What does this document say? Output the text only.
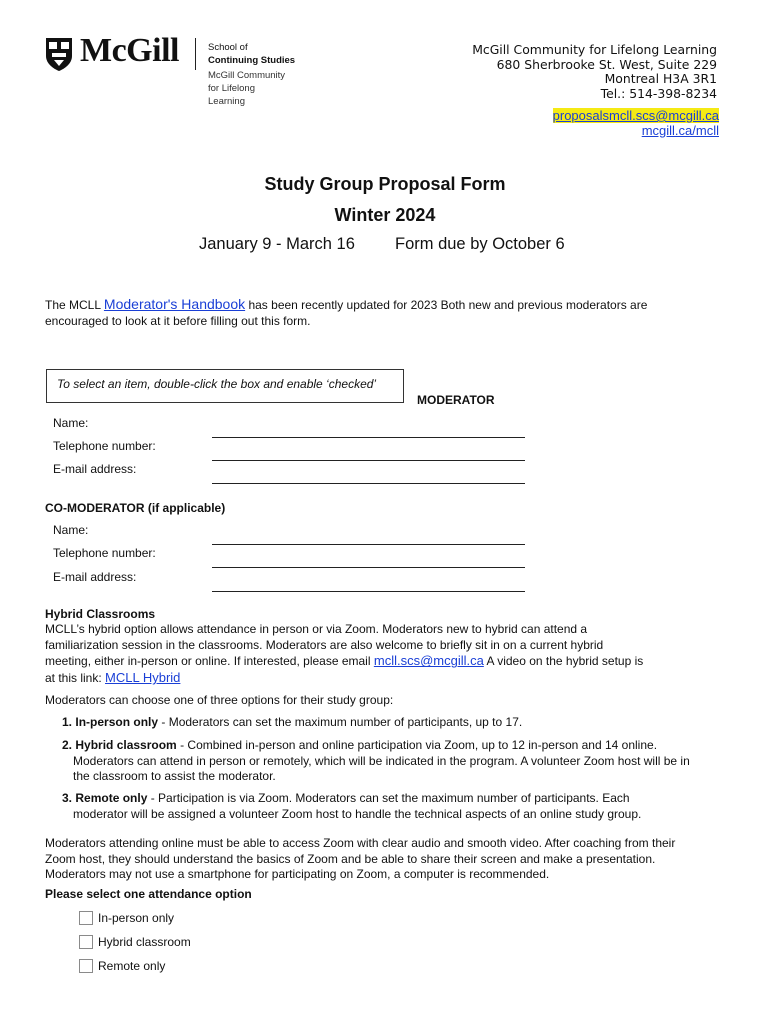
McGill	School of
Continuing Studies
McGill Community
for Lifelong
Learning
McGill Community for Lifelong Learning
680 Sherbrooke St. West, Suite 229
Montreal H3A 3R1
Tel.: 514-398-8234
proposalsmcll.scs@mcgill.ca
mcgill.ca/mcll
Study Group Proposal Form
Winter 2024
January 9 - March 16 Form due by October 6
The MCLL Moderator's Handbook has been recently updated for 2023 Both new and previous moderators are encouraged to look at it before filling out this form.
To select an item, double-click the box and enable ‘checked’
MODERATOR
Name:
Telephone number:
E-mail address:
CO-MODERATOR (if applicable)
Name:
Telephone number:
E-mail address:
Hybrid Classrooms
MCLL’s hybrid option allows attendance in person or via Zoom. Moderators new to hybrid can attend a familiarization session in the classrooms. Moderators are also welcome to briefly sit in on a current hybrid meeting, either in-person or online. If interested, please email mcll.scs@mcgill.ca A video on the hybrid setup is at this link: MCLL Hybrid
Moderators can choose one of three options for their study group:
1. In-person only - Moderators can set the maximum number of participants, up to 17.
2. Hybrid classroom - Combined in-person and online participation via Zoom, up to 12 in-person and 14 online.
Moderators can attend in person or remotely, which will be indicated in the program. A volunteer Zoom host will be in the classroom to assist the moderator.
3. Remote only - Participation is via Zoom. Moderators can set the maximum number of participants. Each
moderator will be assigned a volunteer Zoom host to handle the technical aspects of an online study group.
Moderators attending online must be able to access Zoom with clear audio and smooth video. After coaching from their Zoom host, they should understand the basics of Zoom and be able to share their screen and make a presentation. Moderators may not use a smartphone for participating on Zoom, a computer is recommended.
Please select one attendance option
In-person only
Hybrid classroom
Remote only
